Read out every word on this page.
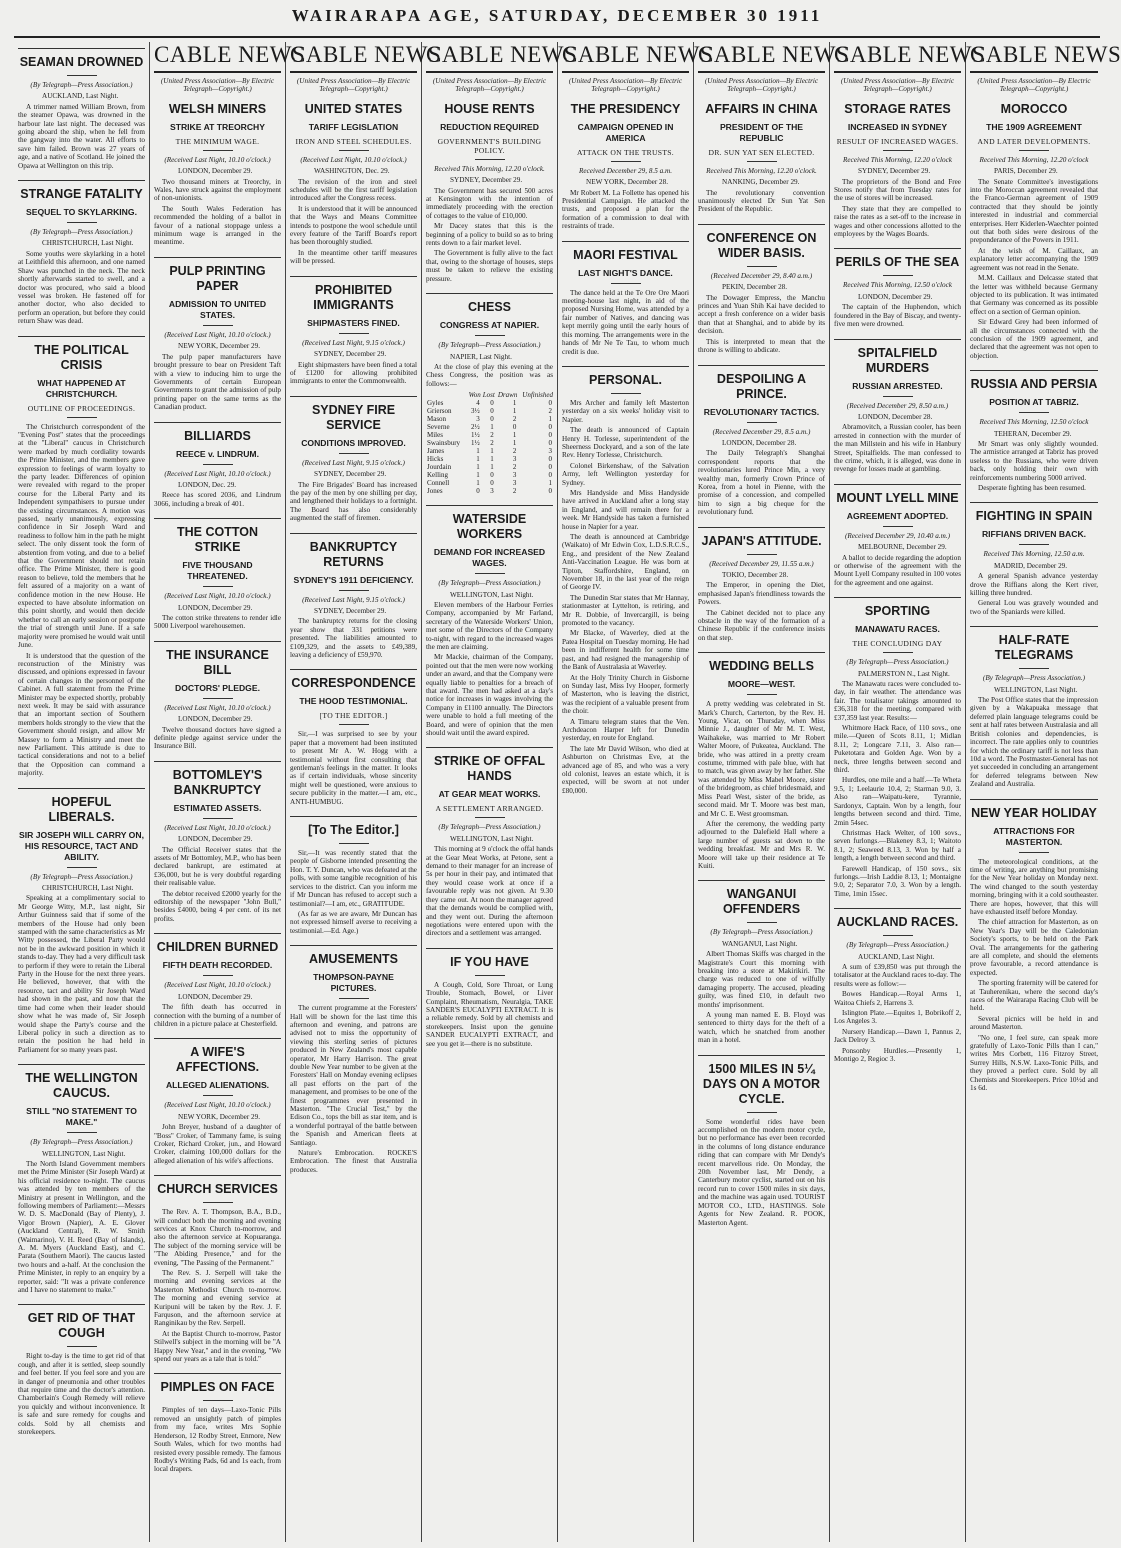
WAIRARAPA AGE, SATURDAY, DECEMBER 30 1911
SEAMAN DROWNED
(By Telegraph—Press Association.)
AUCKLAND, Last Night.
A trimmer named William Brown, from the steamer Opawa, was drowned in the harbour late last night. The deceased was going aboard the ship, when he fell from the gangway into the water. All efforts to save him failed. Brown was 27 years of age, and a native of Scotland. He joined the Opawa at Wellington on this trip.
STRANGE FATALITY
SEQUEL TO SKYLARKING.
(By Telegraph—Press Association.)
CHRISTCHURCH, Last Night.
Some youths were skylarking in a hotel at Leithfield this afternoon, and one named Shaw was punched in the neck. The neck shortly afterwards started to swell, and a doctor was procured, who said a blood vessel was broken. He fastened off for another doctor, who also decided to perform an operation, but before they could return Shaw was dead.
THE POLITICAL CRISIS
WHAT HAPPENED AT CHRISTCHURCH.
OUTLINE OF PROCEEDINGS.
The Christchurch correspondent of the "Evening Post" states that the proceedings at the "Liberal" caucus in Christchurch were marked by much cordiality towards the Prime Minister, and the members gave expression to feelings of warm loyalty to the party leader. Differences of opinion were revealed with regard to the proper course for the Liberal Party and its Independent sympathisers to pursue under the existing circumstances. A motion was passed, nearly unanimously, expressing confidence in Sir Joseph Ward and readiness to follow him in the path he might select. The only dissent took the form of abstention from voting, and due to a belief that the Government should not retain office. The Prime Minister, there is good reason to believe, told the members that he felt assured of a majority on a want of confidence motion in the new House. He expected to have absolute information on this point shortly, and would then decide whether to call an early session or postpone the trial of strength until June. If a safe majority were promised he would wait until June.
It is understood that the question of the reconstruction of the Ministry was discussed, and opinions expressed in favour of certain changes in the personnel of the Cabinet. A full statement from the Prime Minister may be expected shortly, probably next week. It may be said with assurance that an important section of Southern members holds strongly to the view that the Government should resign, and allow Mr Massey to form a Ministry and meet the new Parliament. This attitude is due to tactical considerations and not to a belief that the Opposition can command a majority.
HOPEFUL LIBERALS.
SIR JOSEPH WILL CARRY ON, HIS RESOURCE, TACT AND ABILITY.
(By Telegraph—Press Association.)
CHRISTCHURCH, Last Night.
Speaking at a complimentary social to Mr George Witty, M.P., last night, Sir Arthur Guinness said that if some of the members of the House had only been stamped with the same characteristics as Mr Witty possessed, the Liberal Party would not be in the awkward position in which it stands to-day. They had a very difficult task to perform if they were to retain the Liberal Party in the House for the next three years. He believed, however, that with the resource, tact and ability Sir Joseph Ward had shown in the past, and now that the time had come when their leader should show what he was made of, Sir Joseph would shape the Party's course and the Liberal policy in such a direction as to retain the position he had held in Parliament for so many years past.
THE WELLINGTON CAUCUS.
STILL "NO STATEMENT TO MAKE."
(By Telegraph—Press Association.)
WELLINGTON, Last Night.
The North Island Government members met the Prime Minister (Sir Joseph Ward) at his official residence to-night. The caucus was attended by ten members of the Ministry at present in Wellington, and the following members of Parliament:—Messrs W. D. S. MacDonald (Bay of Plenty), J. Vigor Brown (Napier), A. E. Glover (Auckland Central), R. W. Smith (Waimarino), V. H. Reed (Bay of Islands), A. M. Myers (Auckland East), and C. Parata (Southern Maori). The caucus lasted two hours and a-half. At the conclusion the Prime Minister, in reply to an enquiry by a reporter, said: "It was a private conference and I have no statement to make."
GET RID OF THAT COUGH
Right to-day is the time to get rid of that cough, and after it is settled, sleep soundly and feel better. If you feel sore and you are in danger of pneumonia and other troubles that require time and the doctor's attention. Chamberlain's Cough Remedy will relieve you quickly and without inconvenience. It is safe and sure remedy for coughs and colds. Sold by all chemists and storekeepers.
CABLE NEWS
(United Press Association—By Electric Telegraph—Copyright.)
WELSH MINERS
STRIKE AT TREORCHY
THE MINIMUM WAGE.
(Received Last Night, 10.10 o'clock.)
LONDON, December 29.
Two thousand miners at Treorchy, in Wales, have struck against the employment of non-unionists.
The South Wales Federation has recommended the holding of a ballot in favour of a national stoppage unless a minimum wage is arranged in the meantime.
PULP PRINTING PAPER
ADMISSION TO UNITED STATES.
(Received Last Night, 10.10 o'clock.)
NEW YORK, December 29.
The pulp paper manufacturers have brought pressure to bear on President Taft with a view to inducing him to urge the Governments of certain European Governments to grant the admission of pulp printing paper on the same terms as the Canadian product.
BILLIARDS
REECE v. LINDRUM.
(Received Last Night, 10.10 o'clock.)
LONDON, Dec. 29.
Reece has scored 2036, and Lindrum 3066, including a break of 401.
THE COTTON STRIKE
FIVE THOUSAND THREATENED.
(Received Last Night, 10.10 o'clock.)
LONDON, December 29.
The cotton strike threatens to render idle 5000 Liverpool warehousemen.
THE INSURANCE BILL
DOCTORS' PLEDGE.
(Received Last Night, 10.10 o'clock.)
LONDON, December 29.
Twelve thousand doctors have signed a definite pledge against service under the Insurance Bill.
BOTTOMLEY'S BANKRUPTCY
ESTIMATED ASSETS.
(Received Last Night, 10.10 o'clock.)
LONDON, December 29.
The Official Receiver states that the assets of Mr Bottomley, M.P., who has been declared bankrupt, are estimated at £36,000, but he is very doubtful regarding their realisable value.
The debtor received £2000 yearly for the editorship of the newspaper "John Bull," besides £4000, being 4 per cent. of its net profits.
CHILDREN BURNED
FIFTH DEATH RECORDED.
(Received Last Night, 10.10 o'clock.)
LONDON, December 29.
The fifth death has occurred in connection with the burning of a number of children in a picture palace at Chesterfield.
A WIFE'S AFFECTIONS.
ALLEGED ALIENATIONS.
(Received Last Night, 10.10 o'clock.)
NEW YORK, December 29.
John Breyer, husband of a daughter of "Boss" Croker, of Tammany fame, is suing Croker, Richard Croker, jun., and Howard Croker, claiming 100,000 dollars for the alleged alienation of his wife's affections.
CHURCH SERVICES
The Rev. A. T. Thompson, B.A., B.D., will conduct both the morning and evening services at Knox Church to-morrow, and also the afternoon service at Kopuaranga. The subject of the morning service will be "The Abiding Presence," and for the evening, "The Passing of the Permanent."
The Rev. S. J. Serpell will take the morning and evening services at the Masterton Methodist Church to-morrow. The morning and evening service at Kuripuni will be taken by the Rev. J. F. Farquson, and the afternoon service at Ranginikau by the Rev. Serpell.
At the Baptist Church to-morrow, Pastor Stilwell's subject in the morning will be "A Happy New Year," and in the evening, "We spend our years as a tale that is told."
PIMPLES ON FACE
Pimples of ten days—Laxo-Tonic Pills removed an unsightly patch of pimples from my face, writes Mrs Sophie Henderson, 12 Rodby Street, Enmore, New South Wales, which for two months had resisted every possible remedy. The famous Rodby's Writing Pads, 6d and 1s each, from local drapers.
CABLE NEWS
(United Press Association—By Electric Telegraph—Copyright.)
UNITED STATES
TARIFF LEGISLATION
IRON AND STEEL SCHEDULES.
(Received Last Night, 10.10 o'clock.)
WASHINGTON, Dec. 29.
The revision of the iron and steel schedules will be the first tariff legislation introduced after the Congress recess.
It is understood that it will be announced that the Ways and Means Committee intends to postpone the wool schedule until every feature of the Tariff Board's report has been thoroughly studied.
In the meantime other tariff measures will be pressed.
PROHIBITED IMMIGRANTS
SHIPMASTERS FINED.
(Received Last Night, 9.15 o'clock.)
SYDNEY, December 29.
Eight shipmasters have been fined a total of £1200 for allowing prohibited immigrants to enter the Commonwealth.
SYDNEY FIRE SERVICE
CONDITIONS IMPROVED.
(Received Last Night, 9.15 o'clock.)
SYDNEY, December 29.
The Fire Brigades' Board has increased the pay of the men by one shilling per day, and lengthened their holidays to a fortnight. The Board has also considerably augmented the staff of firemen.
BANKRUPTCY RETURNS
SYDNEY'S 1911 DEFICIENCY.
(Received Last Night, 9.15 o'clock.)
SYDNEY, December 29.
The bankruptcy returns for the closing year show that 331 petitions were presented. The liabilities amounted to £109,329, and the assets to £49,389, leaving a deficiency of £59,970.
CORRESPONDENCE
THE HOOD TESTIMONIAL.
[TO THE EDITOR.]
Sir,—I was surprised to see by your paper that a movement had been instituted to present Mr A. W. Hogg with a testimonial without first consulting that gentleman's feelings in the matter. It looks as if certain individuals, whose sincerity might well be questioned, were anxious to secure publicity in the matter.—I am, etc., ANTI-HUMBUG.
[To The Editor.]
Sir,—It was recently stated that the people of Gisborne intended presenting the Hon. T. Y. Duncan, who was defeated at the polls, with some tangible recognition of his services to the district. Can you inform me if Mr Duncan has refused to accept such a testimonial?—I am, etc., GRATITUDE.
(As far as we are aware, Mr Duncan has not expressed himself averse to receiving a testimonial.—Ed. Age.)
AMUSEMENTS
THOMPSON-PAYNE PICTURES.
The current programme at the Foresters' Hall will be shown for the last time this afternoon and evening, and patrons are advised not to miss the opportunity of viewing this sterling series of pictures produced in New Zealand's most capable operator, Mr Harry Harrison. The great double New Year number to be given at the Foresters' Hall on Monday evening eclipses all past efforts on the part of the management, and promises to be one of the finest programmes ever presented in Masterton. "The Crucial Test," by the Edison Co., tops the bill as star item, and is a wonderful portrayal of the battle between the Spanish and American fleets at Santiago.
Nature's Embrocation. ROCKE'S Embrocation. The finest that Australia produces.
CABLE NEWS
(United Press Association—By Electric Telegraph—Copyright.)
HOUSE RENTS
REDUCTION REQUIRED
GOVERNMENT'S BUILDING POLICY.
Received This Morning, 12.20 o'clock.
SYDNEY, December 29.
The Government has secured 500 acres at Kensington with the intention of immediately proceeding with the erection of cottages to the value of £10,000.
Mr Dacey states that this is the beginning of a policy to build so as to bring rents down to a fair market level.
The Government is fully alive to the fact that, owing to the shortage of houses, steps must be taken to relieve the existing pressure.
CHESS
CONGRESS AT NAPIER.
(By Telegraph—Press Association.)
NAPIER, Last Night.
At the close of play this evening at the Chess Congress, the position was as follows:—
	Won	Lost	Drawn	Unfinished
Gyles	4	0	1	0
Grierson	3½	0	1	2
Mason	3	0	2	1
Severne	2½	1	0	0
Miles	1½	2	1	0
Swainsbury	1½	2	1	0
James	1	1	2	3
Hicks	1	1	3	0
Jourdain	1	1	2	0
Kelling	1	0	3	0
Connell	1	0	3	1
Jones	0	3	2	0
WATERSIDE WORKERS
DEMAND FOR INCREASED WAGES.
(By Telegraph—Press Association.)
WELLINGTON, Last Night.
Eleven members of the Harbour Ferries Company, accompanied by Mr Farland, secretary of the Waterside Workers' Union, met some of the Directors of the Company to-night, with regard to the increased wages the men are claiming.
Mr Mackie, chairman of the Company, pointed out that the men were now working under an award, and that the Company were equally liable to penalties for a breach of that award. The men had asked at a day's notice for increases in wages involving the Company in £1100 annually. The Directors were unable to hold a full meeting of the Board, and were of opinion that the men should wait until the award expired.
STRIKE OF OFFAL HANDS
AT GEAR MEAT WORKS.
A SETTLEMENT ARRANGED.
(By Telegraph—Press Association.)
WELLINGTON, Last Night.
This morning at 9 o'clock the offal hands at the Gear Meat Works, at Petone, sent a demand to their manager for an increase of 5s per hour in their pay, and intimated that they would cease work at once if a favourable reply was not given. At 9.30 they came out. At noon the manager agreed that the demands would be complied with, and they went out. During the afternoon negotiations were entered upon with the directors and a settlement was arranged.
IF YOU HAVE
A Cough, Cold, Sore Throat, or Lung Trouble, Stomach, Bowel, or Liver Complaint, Rheumatism, Neuralgia, TAKE SANDER'S EUCALYPTI EXTRACT. It is a reliable remedy. Sold by all chemists and storekeepers. Insist upon the genuine SANDER EUCALYPTI EXTRACT, and see you get it—there is no substitute.
CABLE NEWS
(United Press Association—By Electric Telegraph—Copyright.)
THE PRESIDENCY
CAMPAIGN OPENED IN AMERICA
ATTACK ON THE TRUSTS.
Received December 29, 8.5 a.m.
NEW YORK, December 28.
Mr Robert M. La Follette has opened his Presidential Campaign. He attacked the trusts, and proposed a plan for the formation of a commission to deal with restraints of trade.
MAORI FESTIVAL
LAST NIGHT'S DANCE.
The dance held at the Te Ore Ore Maori meeting-house last night, in aid of the proposed Nursing Home, was attended by a fair number of Natives, and dancing was kept merrily going until the early hours of this morning. The arrangements were in the hands of Mr Ne Te Tau, to whom much credit is due.
PERSONAL.
Mrs Archer and family left Masterton yesterday on a six weeks' holiday visit to Napier.
The death is announced of Captain Henry H. Torlesse, superintendent of the Sheerness Dockyard, and a son of the late Rev. Henry Torlesse, Christchurch.
Colonel Birkenshaw, of the Salvation Army, left Wellington yesterday for Sydney.
Mrs Handyside and Miss Handyside have arrived in Auckland after a long stay in England, and will remain there for a week. Mr Handyside has taken a furnished house in Napier for a year.
The death is announced at Cambridge (Waikato) of Mr Edwin Cox, L.D.S.R.C.S., Eng., and president of the New Zealand Anti-Vaccination League. He was born at Tipton, Staffordshire, England, on November 18, in the last year of the reign of George IV.
The Dunedin Star states that Mr Hannay, stationmaster at Lyttelton, is retiring, and Mr R. Dobbie, of Invercargill, is being promoted to the vacancy.
Mr Blacke, of Waverley, died at the Patea Hospital on Tuesday morning. He had been in indifferent health for some time past, and had resigned the managership of the Bank of Australasia at Waverley.
At the Holy Trinity Church in Gisborne on Sunday last, Miss Ivy Hooper, formerly of Masterton, who is leaving the district, was the recipient of a valuable present from the choir.
A Timaru telegram states that the Ven. Archdeacon Harper left for Dunedin yesterday, en route for England.
The late Mr David Wilson, who died at Ashburton on Christmas Eve, at the advanced age of 85, and who was a very old colonist, leaves an estate which, it is expected, will be sworn at not under £80,000.
CABLE NEWS
(United Press Association—By Electric Telegraph—Copyright.)
AFFAIRS IN CHINA
PRESIDENT OF THE REPUBLIC
DR. SUN YAT SEN ELECTED.
Received This Morning, 12.20 o'clock.
NANKING, December 29.
The revolutionary convention unanimously elected Dr Sun Yat Sen President of the Republic.
CONFERENCE ON WIDER BASIS.
(Received December 29, 8.40 a.m.)
PEKIN, December 28.
The Dowager Empress, the Manchu princes and Yuan Shih Kai have decided to accept a fresh conference on a wider basis than that at Shanghai, and to abide by its decision.
This is interpreted to mean that the throne is willing to abdicate.
DESPOILING A PRINCE.
REVOLUTIONARY TACTICS.
(Received December 29, 8.5 a.m.)
LONDON, December 28.
The Daily Telegraph's Shanghai correspondent reports that the revolutionaries lured Prince Min, a very wealthy man, formerly Crown Prince of Korea, from a hotel in Pienne, with the promise of a concession, and compelled him to sign a big cheque for the revolutionary fund.
JAPAN'S ATTITUDE.
(Received December 29, 11.55 a.m.)
TOKIO, December 28.
The Emperor, in opening the Diet, emphasised Japan's friendliness towards the Powers.
The Cabinet decided not to place any obstacle in the way of the formation of a Chinese Republic if the conference insists on that step.
WEDDING BELLS
MOORE—WEST.
A pretty wedding was celebrated in St. Mark's Church, Carterton, by the Rev. H. Young, Vicar, on Thursday, when Miss Minnie J., daughter of Mr M. T. West, Waihakeke, was married to Mr Robert Walter Moore, of Pukeatea, Auckland. The bride, who was attired in a pretty cream costume, trimmed with pale blue, with hat to match, was given away by her father. She was attended by Miss Mabel Moore, sister of the bridegroom, as chief bridesmaid, and Miss Pearl West, sister of the bride, as second maid. Mr T. Moore was best man, and Mr C. E. West groomsman.
After the ceremony, the wedding party adjourned to the Dalefield Hall where a large number of guests sat down to the wedding breakfast. Mr and Mrs R. W. Moore will take up their residence at Te Kuiti.
WANGANUI OFFENDERS
(By Telegraph—Press Association.)
WANGANUI, Last Night.
Albert Thomas Skiffs was charged in the Magistrate's Court this morning with breaking into a store at Makirikiri. The charge was reduced to one of wilfully damaging property. The accused, pleading guilty, was fined £10, in default two months' imprisonment.
A young man named E. B. Floyd was sentenced to thirty days for the theft of a watch, which he snatched from another man in a hotel.
1500 MILES IN 5¼ DAYS ON A MOTOR CYCLE.
Some wonderful rides have been accomplished on the modern motor cycle, but no performance has ever been recorded in the columns of long distance endurance riding that can compare with Mr Dendy's recent marvellous ride. On Monday, the 20th November last, Mr Dendy, a Canterbury motor cyclist, started out on his record run to cover 1500 miles in six days, and the machine was again used. TOURIST MOTOR CO., LTD., HASTINGS. Sole Agents for New Zealand. R. POOK, Masterton Agent.
CABLE NEWS
(United Press Association—By Electric Telegraph—Copyright.)
STORAGE RATES
INCREASED IN SYDNEY
RESULT OF INCREASED WAGES.
Received This Morning, 12.20 o'clock
SYDNEY, December 29.
The proprietors of the Bond and Free Stores notify that from Tuesday rates for the use of stores will be increased.
They state that they are compelled to raise the rates as a set-off to the increase in wages and other concessions allotted to the employees by the Wages Boards.
PERILS OF THE SEA
Received This Morning, 12.50 o'clock
LONDON, December 29.
The captain of the Huphendon, which foundered in the Bay of Biscay, and twenty-five men were drowned.
SPITALFIELD MURDERS
RUSSIAN ARRESTED.
(Received December 29, 8.50 a.m.)
LONDON, December 28.
Abramovitch, a Russian cooler, has been arrested in connection with the murder of the man Millstein and his wife in Hanbury Street, Spitalfields. The man confessed to the crime, which, it is alleged, was done in revenge for losses made at gambling.
MOUNT LYELL MINE
AGREEMENT ADOPTED.
(Received December 29, 10.40 a.m.)
MELBOURNE, December 29.
A ballot to decide regarding the adoption or otherwise of the agreement with the Mount Lyell Company resulted in 100 votes for the agreement and one against.
SPORTING
MANAWATU RACES.
THE CONCLUDING DAY
(By Telegraph—Press Association.)
PALMERSTON N., Last Night.
The Manawatu races were concluded to-day, in fair weather. The attendance was fair. The totalisator takings amounted to £36,318 for the meeting, compared with £37,359 last year. Results:—
Whitmore Hack Race, of 110 sovs., one mile.—Queen of Scots 8.11, 1; Midlan 8.11, 2; Longcare 7.11, 3. Also ran—Puketotara and Golden Age. Won by a neck, three lengths between second and third.
Hurdles, one mile and a half.—Te Wheta 9.5, 1; Leelaurie 10.4, 2; Starman 9.0, 3. Also ran—Waipatu-kere, Tyrannie, Sardonyx, Captain. Won by a length, four lengths between second and third. Time, 2min 54sec.
Christmas Hack Welter, of 100 sovs., seven furlongs.—Blakeney 8.3, 1; Waitoto 8.1, 2; Seaweed 8.13, 3. Won by half a length, a length between second and third.
Farewell Handicap, of 150 sovs., six furlongs.—Irish Laddie 8.13, 1; Montaigne 9.0, 2; Separator 7.0, 3. Won by a length. Time, 1min 15sec.
AUCKLAND RACES.
(By Telegraph—Press Association.)
AUCKLAND, Last Night.
A sum of £39,850 was put through the totalisator at the Auckland races to-day. The results were as follow:—
Bowes Handicap.—Royal Arms 1, Waitoa Chiefs 2, Harrens 3.
Islington Plate.—Equites 1, Bobrikoff 2, Los Angeles 3.
Nursery Handicap.—Dawn 1, Pannus 2, Jack Delroy 3.
Ponsonby Hurdles.—Presently 1, Montigo 2, Regioc 3.
CABLE NEWS
(United Press Association—By Electric Telegraph—Copyright.)
MOROCCO
THE 1909 AGREEMENT
AND LATER DEVELOPMENTS.
Received This Morning, 12.20 o'clock
PARIS, December 29.
The Senate Committee's investigations into the Moroccan agreement revealed that the Franco-German agreement of 1909 contracted that they should be jointly interested in industrial and commercial enterprises. Herr Kiderlen-Waechter pointed out that both sides were desirous of the preponderance of the Powers in 1911.
At the wish of M. Caillaux, an explanatory letter accompanying the 1909 agreement was not read in the Senate.
M.M. Caillaux and Delcasse stated that the letter was withheld because Germany objected to its publication. It was intimated that Germany was concerned as its possible effect on a section of German opinion.
Sir Edward Grey had been informed of all the circumstances connected with the conclusion of the 1909 agreement, and declared that the agreement was not open to objection.
RUSSIA AND PERSIA
POSITION AT TABRIZ.
Received This Morning, 12.50 o'clock
TEHERAN, December 29.
Mr Smart was only slightly wounded. The armistice arranged at Tabriz has proved useless to the Russians, who were driven back, only holding their own with reinforcements numbering 5000 arrived.
Desperate fighting has been resumed.
FIGHTING IN SPAIN
RIFFIANS DRIVEN BACK.
Received This Morning, 12.50 a.m.
MADRID, December 29.
A general Spanish advance yesterday drove the Riffians along the Kert river, killing three hundred.
General Lou was gravely wounded and two of the Spaniards were killed.
HALF-RATE TELEGRAMS
(By Telegraph—Press Association.)
WELLINGTON, Last Night.
The Post Office states that the impression given by a Wakapuaka message that deferred plain language telegrams could be sent at half rates between Australasia and all British colonies and dependencies, is incorrect. The rate applies only to countries for which the ordinary tariff is not less than 10d a word. The Postmaster-General has not yet succeeded in concluding an arrangement for deferred telegrams between New Zealand and Australia.
NEW YEAR HOLIDAY
ATTRACTIONS FOR MASTERTON.
The meteorological conditions, at the time of writing, are anything but promising for the New Year holiday on Monday next. The wind changed to the south yesterday morning, bringing with it a cold southeaster. There are hopes, however, that this will have exhausted itself before Monday.
The chief attraction for Masterton, as on New Year's Day will be the Caledonian Society's sports, to be held on the Park Oval. The arrangements for the gathering are all complete, and should the elements prove favourable, a record attendance is expected.
The sporting fraternity will be catered for at Tauherenikau, where the second day's races of the Wairarapa Racing Club will be held.
Several picnics will be held in and around Masterton.
"No one, I feel sure, can speak more gratefully of Laxo-Tonic Pills than I can," writes Mrs Corbett, 116 Fitzroy Street, Surrey Hills, N.S.W. Laxo-Tonic Pills, and they proved a perfect cure. Sold by all Chemists and Storekeepers. Price 10½d and 1s 6d.
